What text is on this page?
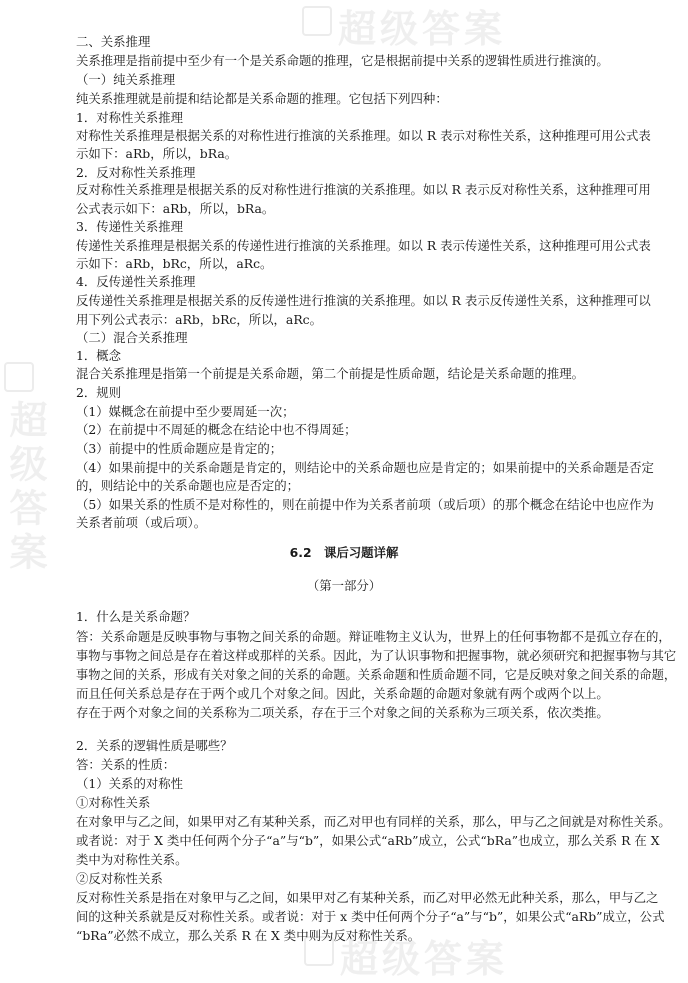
超级答案
超级答案
超级答案
二、关系推理
关系推理是指前提中至少有一个是关系命题的推理，它是根据前提中关系的逻辑性质进行推演的。
（一）纯关系推理
纯关系推理就是前提和结论都是关系命题的推理。它包括下列四种：
1．对称性关系推理
对称性关系推理是根据关系的对称性进行推演的关系推理。如以 R 表示对称性关系，这种推理可用公式表
示如下：aRb，所以，bRa。
2．反对称性关系推理
反对称性关系推理是根据关系的反对称性进行推演的关系推理。如以 R 表示反对称性关系，这种推理可用
公式表示如下：aRb，所以，bRa。
3．传递性关系推理
传递性关系推理是根据关系的传递性进行推演的关系推理。如以 R 表示传递性关系，这种推理可用公式表
示如下：aRb，bRc，所以，aRc。
4．反传递性关系推理
反传递性关系推理是根据关系的反传递性进行推演的关系推理。如以 R 表示反传递性关系，这种推理可以
用下列公式表示：aRb，bRc，所以，aRc。
（二）混合关系推理
1．概念
混合关系推理是指第一个前提是关系命题，第二个前提是性质命题，结论是关系命题的推理。
2．规则
（1）媒概念在前提中至少要周延一次；
（2）在前提中不周延的概念在结论中也不得周延；
（3）前提中的性质命题应是肯定的；
（4）如果前提中的关系命题是肯定的，则结论中的关系命题也应是肯定的；如果前提中的关系命题是否定
的，则结论中的关系命题也应是否定的；
（5）如果关系的性质不是对称性的，则在前提中作为关系者前项（或后项）的那个概念在结论中也应作为
关系者前项（或后项）。
6.2　课后习题详解
（第一部分）
1．什么是关系命题？
答：关系命题是反映事物与事物之间关系的命题。辩证唯物主义认为，世界上的任何事物都不是孤立存在的，
事物与事物之间总是存在着这样或那样的关系。因此，为了认识事物和把握事物，就必须研究和把握事物与其它
事物之间的关系，形成有关对象之间的关系的命题。关系命题和性质命题不同，它是反映对象之间关系的命题，
而且任何关系总是存在于两个或几个对象之间。因此，关系命题的命题对象就有两个或两个以上。
存在于两个对象之间的关系称为二项关系，存在于三个对象之间的关系称为三项关系，依次类推。
2．关系的逻辑性质是哪些？
答：关系的性质：
（1）关系的对称性
①对称性关系
在对象甲与乙之间，如果甲对乙有某种关系，而乙对甲也有同样的关系，那么，甲与乙之间就是对称性关系。
或者说：对于 X 类中任何两个分子“a”与“b”，如果公式“aRb”成立，公式“bRa”也成立，那么关系 R 在 X
类中为对称性关系。
②反对称性关系
反对称性关系是指在对象甲与乙之间，如果甲对乙有某种关系，而乙对甲必然无此种关系，那么，甲与乙之
间的这种关系就是反对称性关系。或者说：对于 x 类中任何两个分子“a”与“b”，如果公式“aRb”成立，公式
“bRa”必然不成立，那么关系 R 在 X 类中则为反对称性关系。
